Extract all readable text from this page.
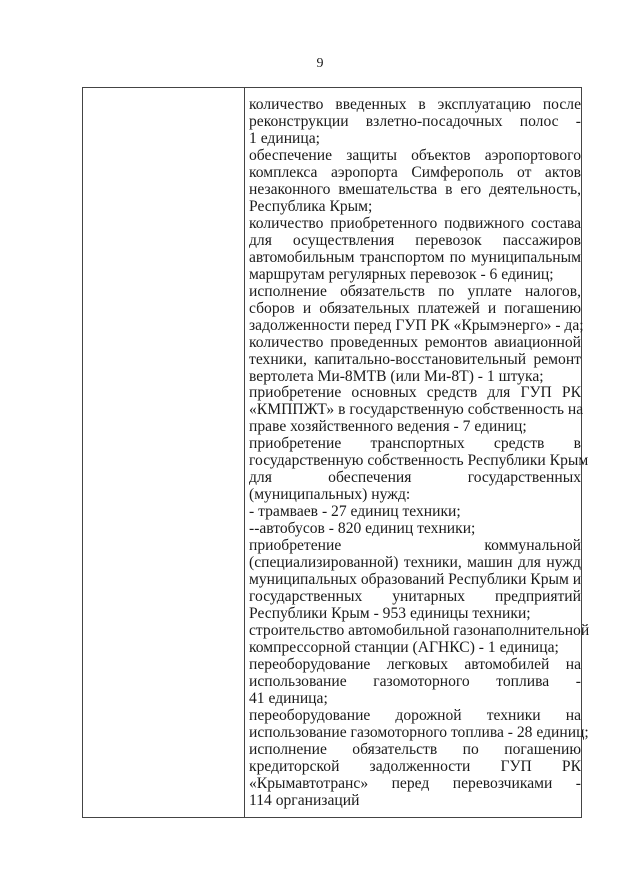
9
количество введенных в эксплуатацию после
реконструкции взлетно-посадочных полос -
1 единица;
обеспечение защиты объектов аэропортового
комплекса аэропорта Симферополь от актов
незаконного вмешательства в его деятельность,
Республика Крым;
количество приобретенного подвижного состава
для осуществления перевозок пассажиров
автомобильным транспортом по муниципальным
маршрутам регулярных перевозок - 6 единиц;
исполнение обязательств по уплате налогов,
сборов и обязательных платежей и погашению
задолженности перед ГУП РК «Крымэнерго» - да;
количество проведенных ремонтов авиационной
техники, капитально-восстановительный ремонт
вертолета Ми-8МТВ (или Ми-8Т) - 1 штука;
приобретение основных средств для ГУП РК
«КМППЖТ» в государственную собственность на
праве хозяйственного ведения - 7 единиц;
приобретение транспортных средств в
государственную собственность Республики Крым
для обеспечения государственных
(муниципальных) нужд:
- трамваев - 27 единиц техники;
--автобусов - 820 единиц техники;
приобретение коммунальной
(специализированной) техники, машин для нужд
муниципальных образований Республики Крым и
государственных унитарных предприятий
Республики Крым - 953 единицы техники;
строительство автомобильной газонаполнительной
компрессорной станции (АГНКС) - 1 единица;
переоборудование легковых автомобилей на
использование газомоторного топлива -
41 единица;
переоборудование дорожной техники на
использование газомоторного топлива - 28 единиц;
исполнение обязательств по погашению
кредиторской задолженности ГУП РК
«Крымавтотранс» перед перевозчиками -
114 организаций
